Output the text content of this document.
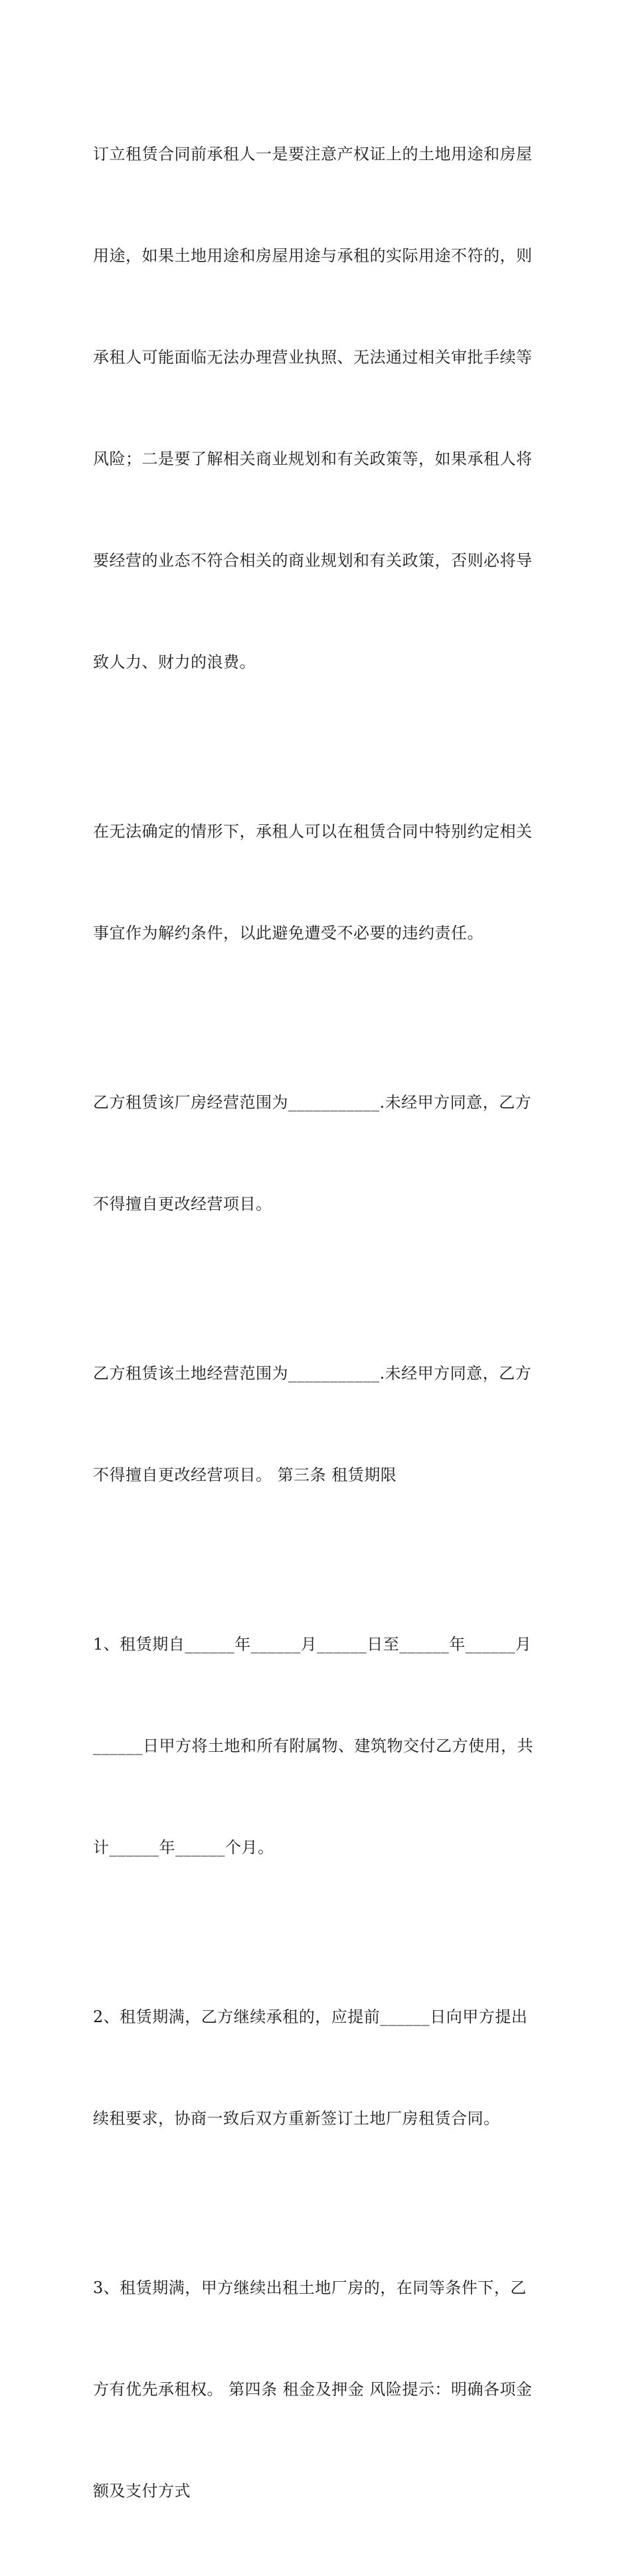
订立租赁合同前承租人一是要注意产权证上的土地用途和房屋

用途，如果土地用途和房屋用途与承租的实际用途不符的，则

承租人可能面临无法办理营业执照、无法通过相关审批手续等

风险；二是要了解相关商业规划和有关政策等，如果承租人将

要经营的业态不符合相关的商业规划和有关政策，否则必将导

致人力、财力的浪费。

在无法确定的情形下，承租人可以在租赁合同中特别约定相关

事宜作为解约条件，以此避免遭受不必要的违约责任。

乙方租赁该厂房经营范围为___________.未经甲方同意，乙方

不得擅自更改经营项目。

乙方租赁该土地经营范围为___________.未经甲方同意，乙方

不得擅自更改经营项目。 第三条 租赁期限

1、租赁期自______年______月______日至______年______月

______日甲方将土地和所有附属物、建筑物交付乙方使用，共

计______年______个月。

2、租赁期满，乙方继续承租的，应提前______日向甲方提出

续租要求，协商一致后双方重新签订土地厂房租赁合同。

3、租赁期满，甲方继续出租土地厂房的，在同等条件下，乙

方有优先承租权。 第四条 租金及押金 风险提示：明确各项金

额及支付方式
